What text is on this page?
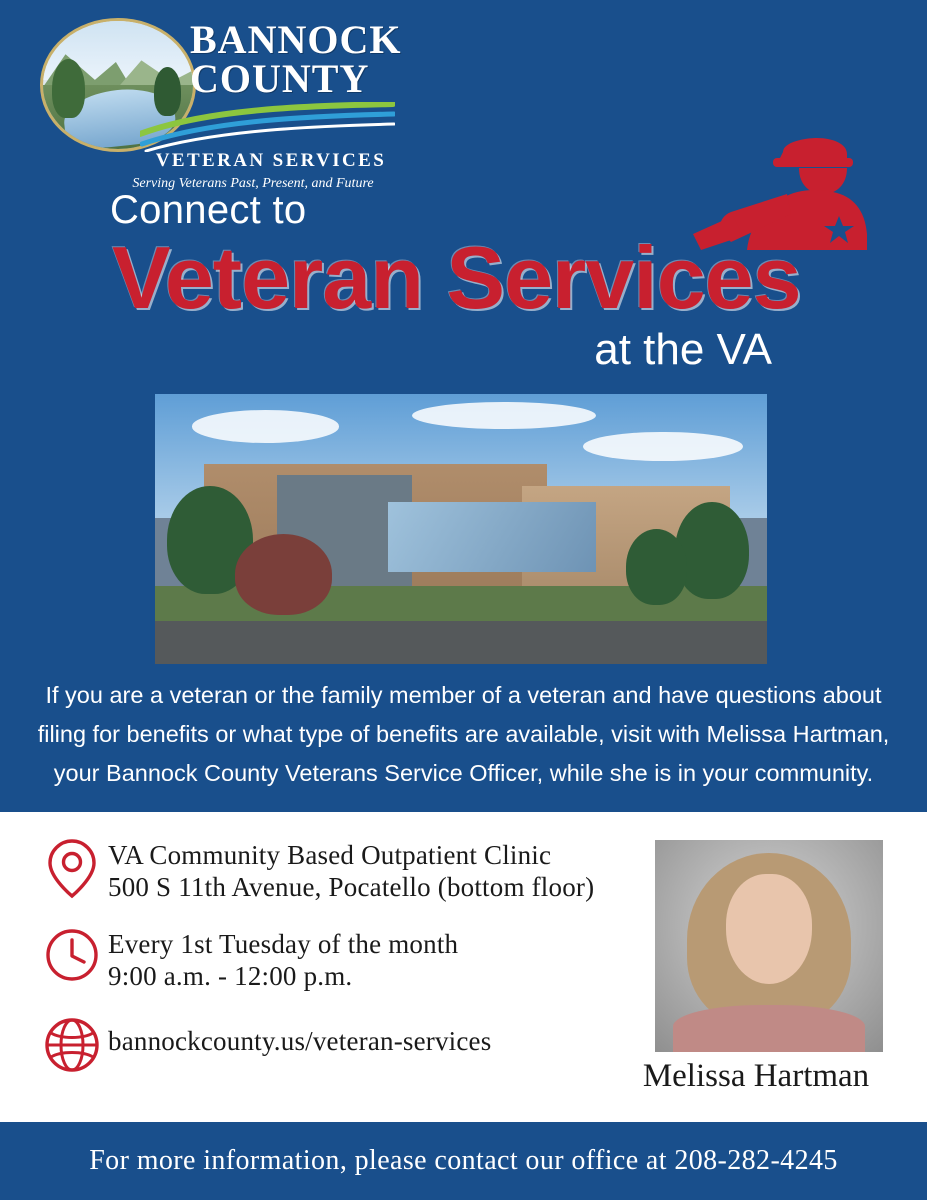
BANNOCK
COUNTY
VETERAN SERVICES
Serving Veterans Past, Present, and Future
Connect to
Veteran Services
at the VA
If you are a veteran or the family member of a veteran and have questions about filing for benefits or what type of benefits are available, visit with Melissa Hartman, your Bannock County Veterans Service Officer, while she is in your community.
VA Community Based Outpatient Clinic
500 S 11th Avenue, Pocatello (bottom floor)
Every 1st Tuesday of the month
9:00 a.m. - 12:00 p.m.
bannockcounty.us/veteran-services
Melissa Hartman
For more information, please contact our office at 208-282-4245
